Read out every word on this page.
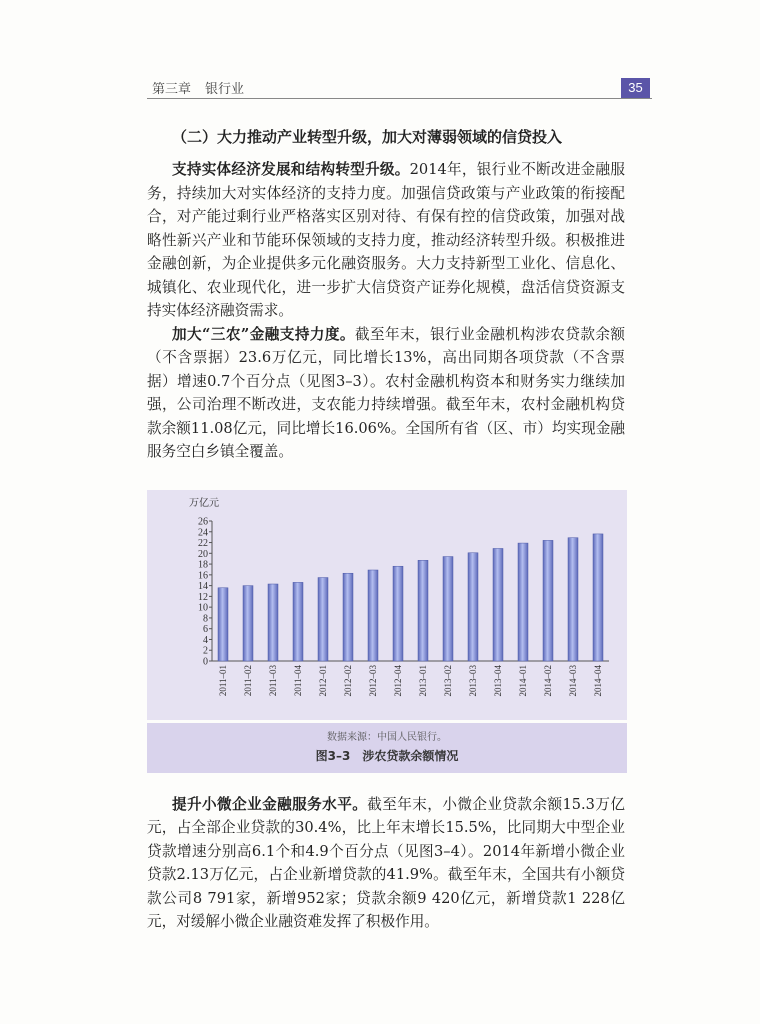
第三章 银行业	35
（二）大力推动产业转型升级，加大对薄弱领域的信贷投入

支持实体经济发展和结构转型升级。2014年，银行业不断改进金融服务，持续加大对实体经济的支持力度。加强信贷政策与产业政策的衔接配合，对产能过剩行业严格落实区别对待、有保有控的信贷政策，加强对战略性新兴产业和节能环保领域的支持力度，推动经济转型升级。积极推进金融创新，为企业提供多元化融资服务。大力支持新型工业化、信息化、城镇化、农业现代化，进一步扩大信贷资产证券化规模，盘活信贷资源支持实体经济融资需求。

加大“三农”金融支持力度。截至年末，银行业金融机构涉农贷款余额（不含票据）23.6万亿元，同比增长13%，高出同期各项贷款（不含票据）增速0.7个百分点（见图3–3）。农村金融机构资本和财务实力继续加强，公司治理不断改进，支农能力持续增强。截至年末，农村金融机构贷款余额11.08亿元，同比增长16.06%。全国所有省（区、市）均实现金融服务空白乡镇全覆盖。

万亿元
0
2
4
6
8
10
12
14
16
18
20
22
24
26
2011–01 2011–02 2011–03 2011–04 2012–01 2012–02 2012–03 2012–04 2013–01 2013–02 2013–03 2013–04 2014–01 2014–02 2014–03 2014–04
数据来源：中国人民银行。
图3–3　涉农贷款余额情况

提升小微企业金融服务水平。截至年末，小微企业贷款余额15.3万亿元，占全部企业贷款的30.4%，比上年末增长15.5%，比同期大中型企业贷款增速分别高6.1个和4.9个百分点（见图3–4）。2014年新增小微企业贷款2.13万亿元，占企业新增贷款的41.9%。截至年末，全国共有小额贷款公司8 791家，新增952家；贷款余额9 420亿元，新增贷款1 228亿元，对缓解小微企业融资难发挥了积极作用。
